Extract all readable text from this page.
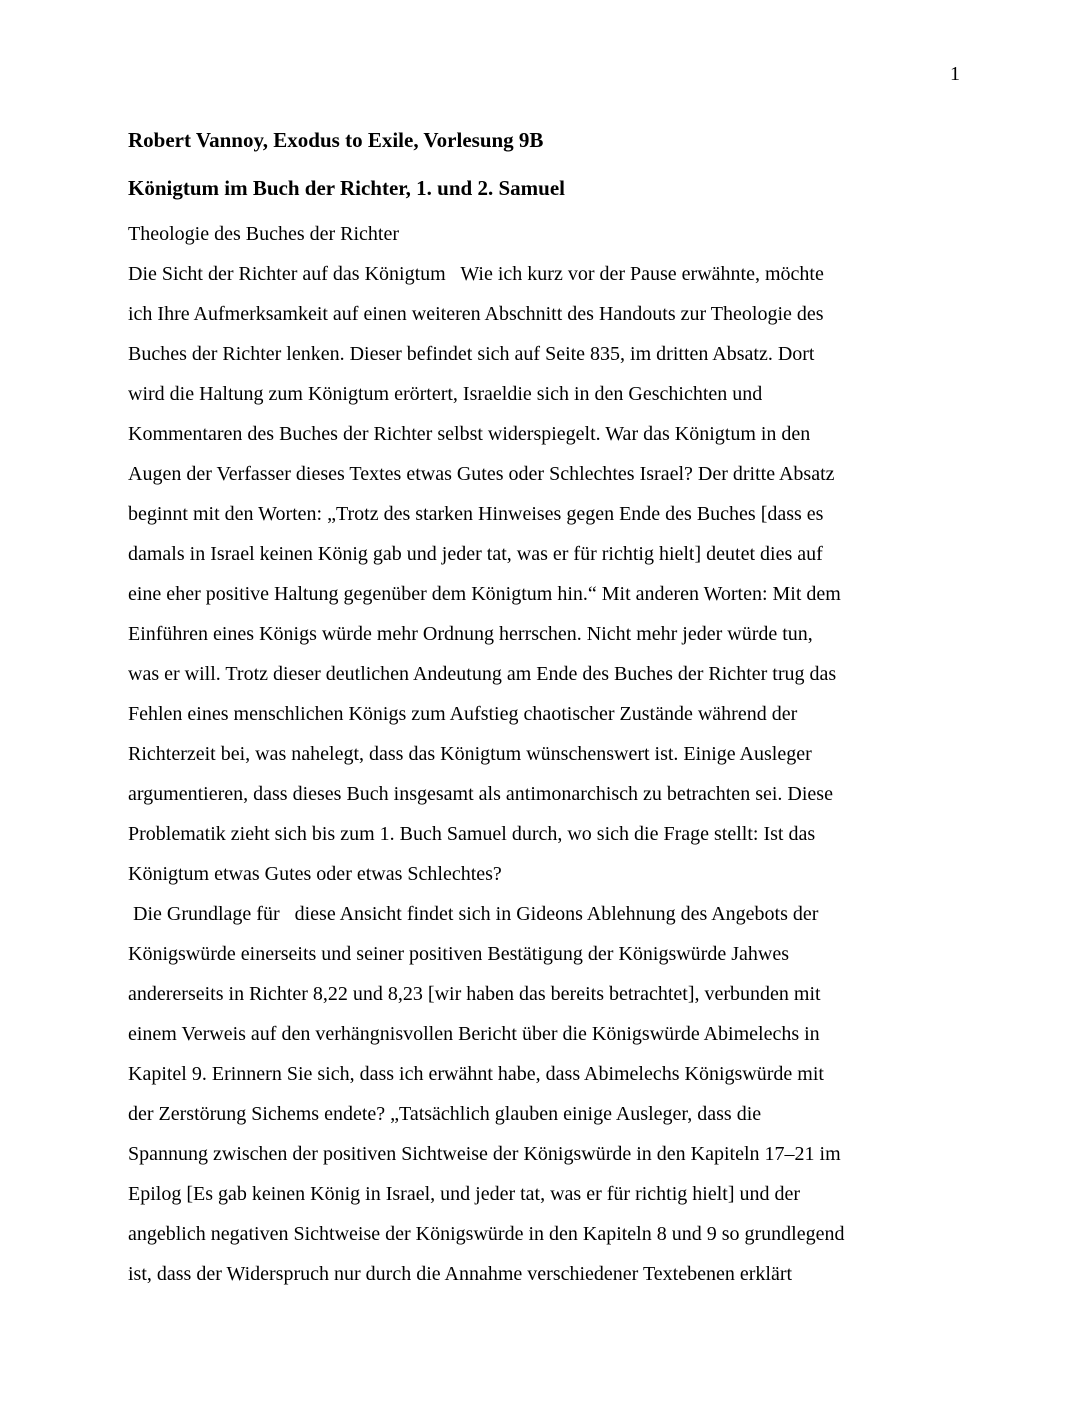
1
Robert Vannoy, Exodus to Exile, Vorlesung 9B
Königtum im Buch der Richter, 1. und 2. Samuel
Theologie des Buches der Richter
Die Sicht der Richter auf das Königtum   Wie ich kurz vor der Pause erwähnte, möchte
ich Ihre Aufmerksamkeit auf einen weiteren Abschnitt des Handouts zur Theologie des
Buches der Richter lenken. Dieser befindet sich auf Seite 835, im dritten Absatz. Dort
wird die Haltung zum Königtum erörtert, Israeldie sich in den Geschichten und
Kommentaren des Buches der Richter selbst widerspiegelt. War das Königtum in den
Augen der Verfasser dieses Textes etwas Gutes oder Schlechtes Israel? Der dritte Absatz
beginnt mit den Worten: „Trotz des starken Hinweises gegen Ende des Buches [dass es
damals in Israel keinen König gab und jeder tat, was er für richtig hielt] deutet dies auf
eine eher positive Haltung gegenüber dem Königtum hin.“ Mit anderen Worten: Mit dem
Einführen eines Königs würde mehr Ordnung herrschen. Nicht mehr jeder würde tun,
was er will. Trotz dieser deutlichen Andeutung am Ende des Buches der Richter trug das
Fehlen eines menschlichen Königs zum Aufstieg chaotischer Zustände während der
Richterzeit bei, was nahelegt, dass das Königtum wünschenswert ist. Einige Ausleger
argumentieren, dass dieses Buch insgesamt als antimonarchisch zu betrachten sei. Diese
Problematik zieht sich bis zum 1. Buch Samuel durch, wo sich die Frage stellt: Ist das
Königtum etwas Gutes oder etwas Schlechtes?
Die Grundlage für   diese Ansicht findet sich in Gideons Ablehnung des Angebots der
Königswürde einerseits und seiner positiven Bestätigung der Königswürde Jahwes
andererseits in Richter 8,22 und 8,23 [wir haben das bereits betrachtet], verbunden mit
einem Verweis auf den verhängnisvollen Bericht über die Königswürde Abimelechs in
Kapitel 9. Erinnern Sie sich, dass ich erwähnt habe, dass Abimelechs Königswürde mit
der Zerstörung Sichems endete? „Tatsächlich glauben einige Ausleger, dass die
Spannung zwischen der positiven Sichtweise der Königswürde in den Kapiteln 17–21 im
Epilog [Es gab keinen König in Israel, und jeder tat, was er für richtig hielt] und der
angeblich negativen Sichtweise der Königswürde in den Kapiteln 8 und 9 so grundlegend
ist, dass der Widerspruch nur durch die Annahme verschiedener Textebenen erklärt
